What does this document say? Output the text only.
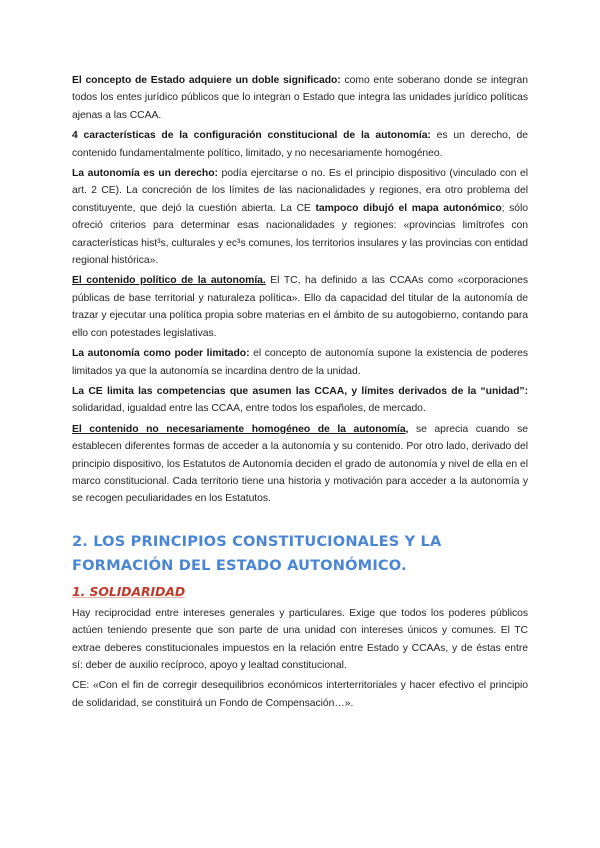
El concepto de Estado adquiere un doble significado: como ente soberano donde se integran todos los entes jurídico públicos que lo integran o Estado que integra las unidades jurídico políticas ajenas a las CCAA.

4 características de la configuración constitucional de la autonomía: es un derecho, de contenido fundamentalmente político, limitado, y no necesariamente homogéneo.

La autonomía es un derecho: podía ejercitarse o no. Es el principio dispositivo (vinculado con el art. 2 CE). La concreción de los límites de las nacionalidades y regiones, era otro problema del constituyente, que dejó la cuestión abierta. La CE tampoco dibujó el mapa autonómico; sólo ofreció criterios para determinar esas nacionalidades y regiones: «provincias limítrofes con características hist³s, culturales y ec³s comunes, los territorios insulares y las provincias con entidad regional histórica».

El contenido político de la autonomía. El TC, ha definido a las CCAAs como «corporaciones públicas de base territorial y naturaleza política». Ello da capacidad del titular de la autonomía de trazar y ejecutar una política propia sobre materias en el ámbito de su autogobierno, contando para ello con potestades legislativas.

La autonomía como poder limitado: el concepto de autonomía supone la existencia de poderes limitados ya que la autonomía se incardina dentro de la unidad.

La CE limita las competencias que asumen las CCAA, y límites derivados de la “unidad”: solidaridad, igualdad entre las CCAA, entre todos los españoles, de mercado.

El contenido no necesariamente homogéneo de la autonomía, se aprecia cuando se establecen diferentes formas de acceder a la autonomía y su contenido. Por otro lado, derivado del principio dispositivo, los Estatutos de Autonomía deciden el grado de autonomía y nivel de ella en el marco constitucional. Cada territorio tiene una historia y motivación para acceder a la autonomía y se recogen peculiaridades en los Estatutos.

2. LOS PRINCIPIOS CONSTITUCIONALES Y LA FORMACIÓN DEL ESTADO AUTONÓMICO.
1. SOLIDARIDAD

Hay reciprocidad entre intereses generales y particulares. Exige que todos los poderes públicos actúen teniendo presente que son parte de una unidad con intereses únicos y comunes. El TC extrae deberes constitucionales impuestos en la relación entre Estado y CCAAs, y de éstas entre sí: deber de auxilio recíproco, apoyo y lealtad constitucional.

CE: «Con el fin de corregir desequilibrios económicos interterritoriales y hacer efectivo el principio de solidaridad, se constituirá un Fondo de Compensación…».
